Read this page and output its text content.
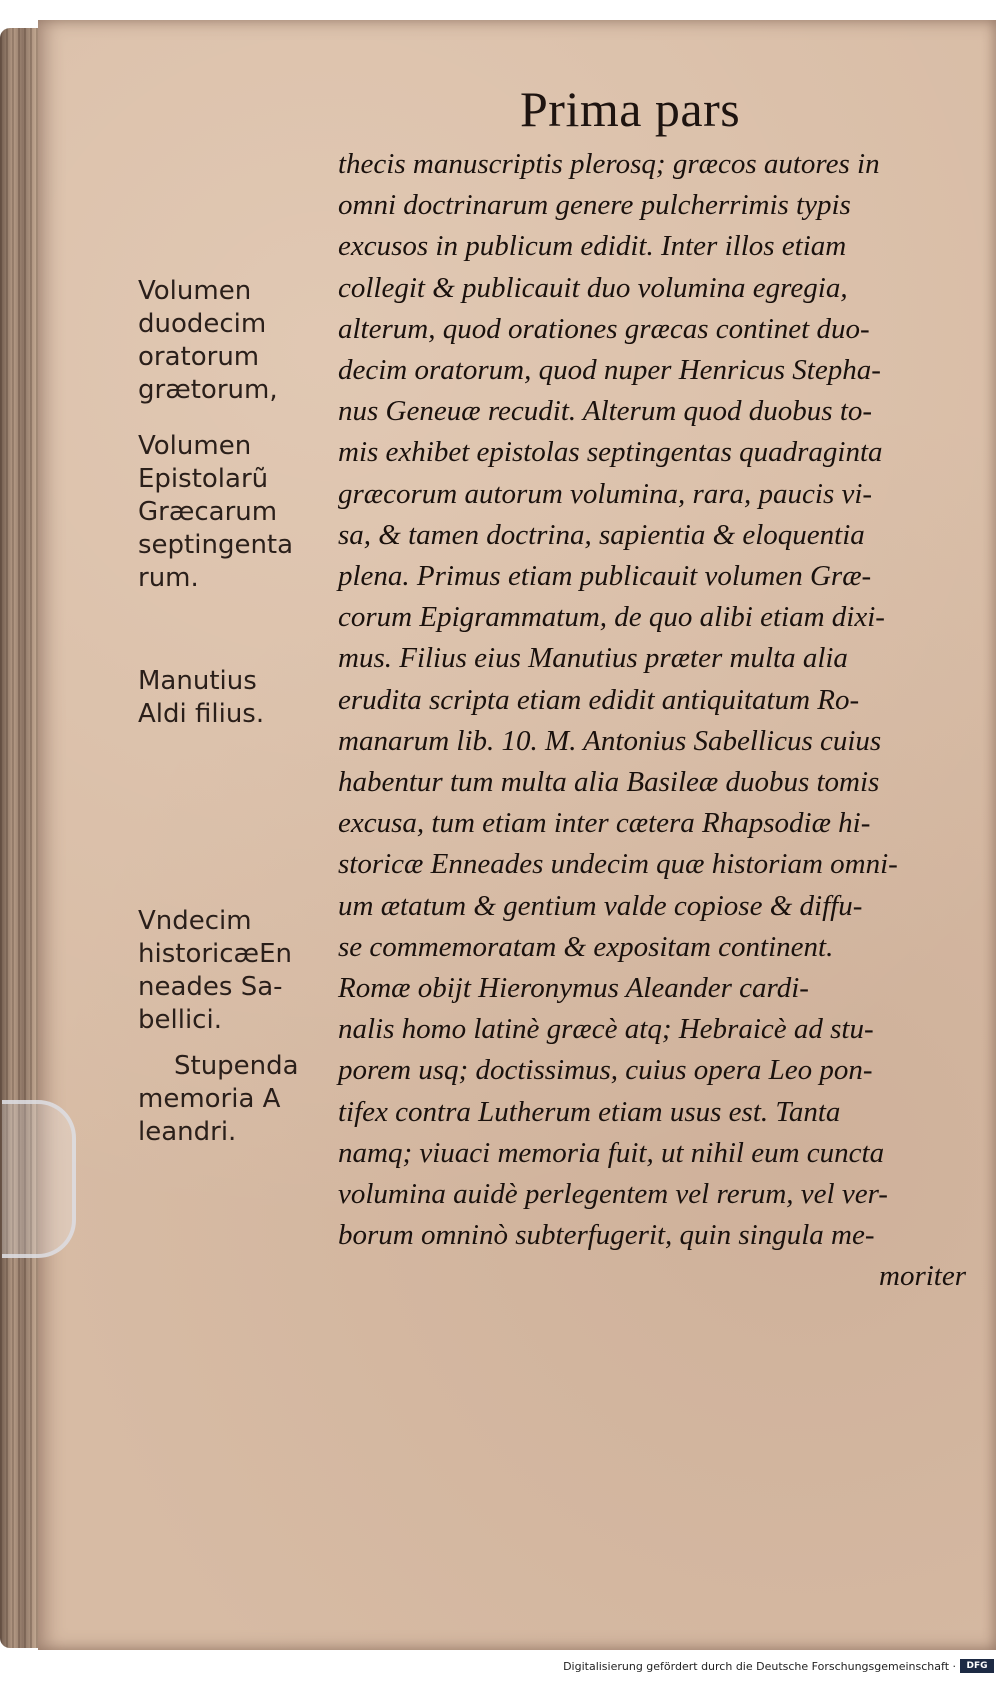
Prima pars
Volumen
duodecim
oratorum
grætorum,
Volumen
Epistolarũ
Græcarum
septingenta
rum.
Manutius
Aldi filius.
Vndecim
historicæEn
neades Sa-
bellici.
Stupenda
memoria A
leandri.
thecis manuscriptis plerosq; græcos autores in
omni doctrinarum genere pulcherrimis typis
excusos in publicum edidit. Inter illos etiam
collegit & publicauit duo volumina egregia,
alterum, quod orationes græcas continet duo-
decim oratorum, quod nuper Henricus Stepha-
nus Geneuæ recudit. Alterum quod duobus to-
mis exhibet epistolas septingentas quadraginta
græcorum autorum volumina, rara, paucis vi-
sa, & tamen doctrina, sapientia & eloquentia
plena. Primus etiam publicauit volumen Græ-
corum Epigrammatum, de quo alibi etiam dixi-
mus. Filius eius Manutius præter multa alia
erudita scripta etiam edidit antiquitatum Ro-
manarum lib. 10. M. Antonius Sabellicus cuius
habentur tum multa alia Basileæ duobus tomis
excusa, tum etiam inter cætera Rhapsodiæ hi-
storicæ Enneades undecim quæ historiam omni-
um ætatum & gentium valde copiose & diffu-
se commemoratam & expositam continent.
Romæ obijt Hieronymus Aleander cardi-
nalis homo latinè græcè atq; Hebraicè ad stu-
porem usq; doctissimus, cuius opera Leo pon-
tifex contra Lutherum etiam usus est. Tanta
namq; viuaci memoria fuit, ut nihil eum cuncta
volumina auidè perlegentem vel rerum, vel ver-
borum omninò subterfugerit, quin singula me-
moriter
Digitalisierung gefördert durch die Deutsche Forschungsgemeinschaft ·	DFG
